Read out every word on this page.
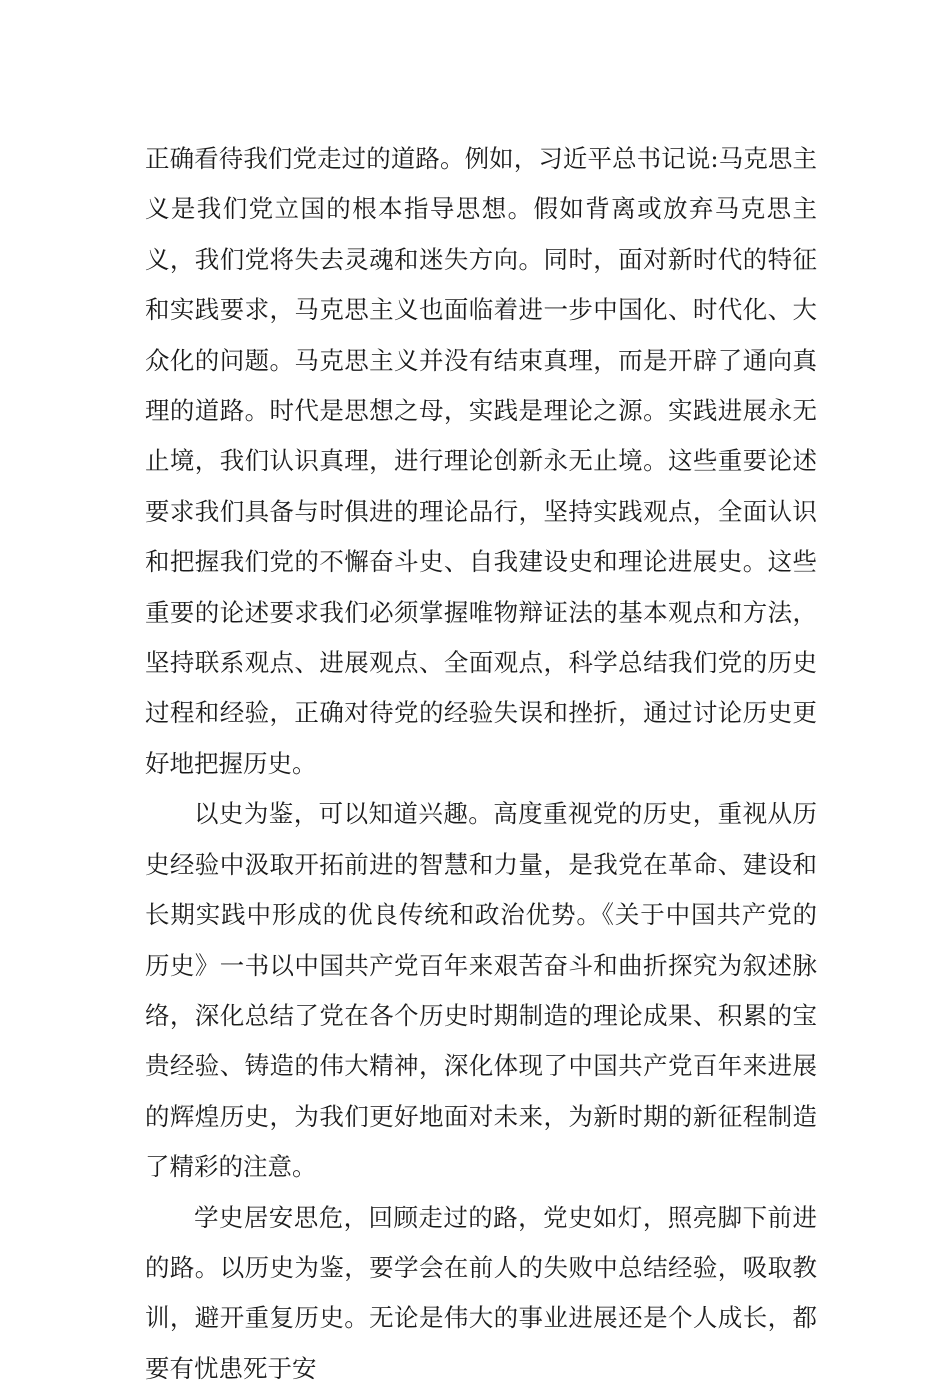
正确看待我们党走过的道路。例如，习近平总书记说:马克思主义是我们党立国的根本指导思想。假如背离或放弃马克思主义，我们党将失去灵魂和迷失方向。同时，面对新时代的特征和实践要求，马克思主义也面临着进一步中国化、时代化、大众化的问题。马克思主义并没有结束真理，而是开辟了通向真理的道路。时代是思想之母，实践是理论之源。实践进展永无止境，我们认识真理，进行理论创新永无止境。这些重要论述要求我们具备与时俱进的理论品行，坚持实践观点，全面认识和把握我们党的不懈奋斗史、自我建设史和理论进展史。这些重要的论述要求我们必须掌握唯物辩证法的基本观点和方法，坚持联系观点、进展观点、全面观点，科学总结我们党的历史过程和经验，正确对待党的经验失误和挫折，通过讨论历史更好地把握历史。

以史为鉴，可以知道兴趣。高度重视党的历史，重视从历史经验中汲取开拓前进的智慧和力量，是我党在革命、建设和长期实践中形成的优良传统和政治优势。《关于中国共产党的历史》一书以中国共产党百年来艰苦奋斗和曲折探究为叙述脉络，深化总结了党在各个历史时期制造的理论成果、积累的宝贵经验、铸造的伟大精神，深化体现了中国共产党百年来进展的辉煌历史，为我们更好地面对未来，为新时期的新征程制造了精彩的注意。

学史居安思危，回顾走过的路，党史如灯，照亮脚下前进的路。以历史为鉴，要学会在前人的失败中总结经验，吸取教训，避开重复历史。无论是伟大的事业进展还是个人成长，都要有忧患死于安
